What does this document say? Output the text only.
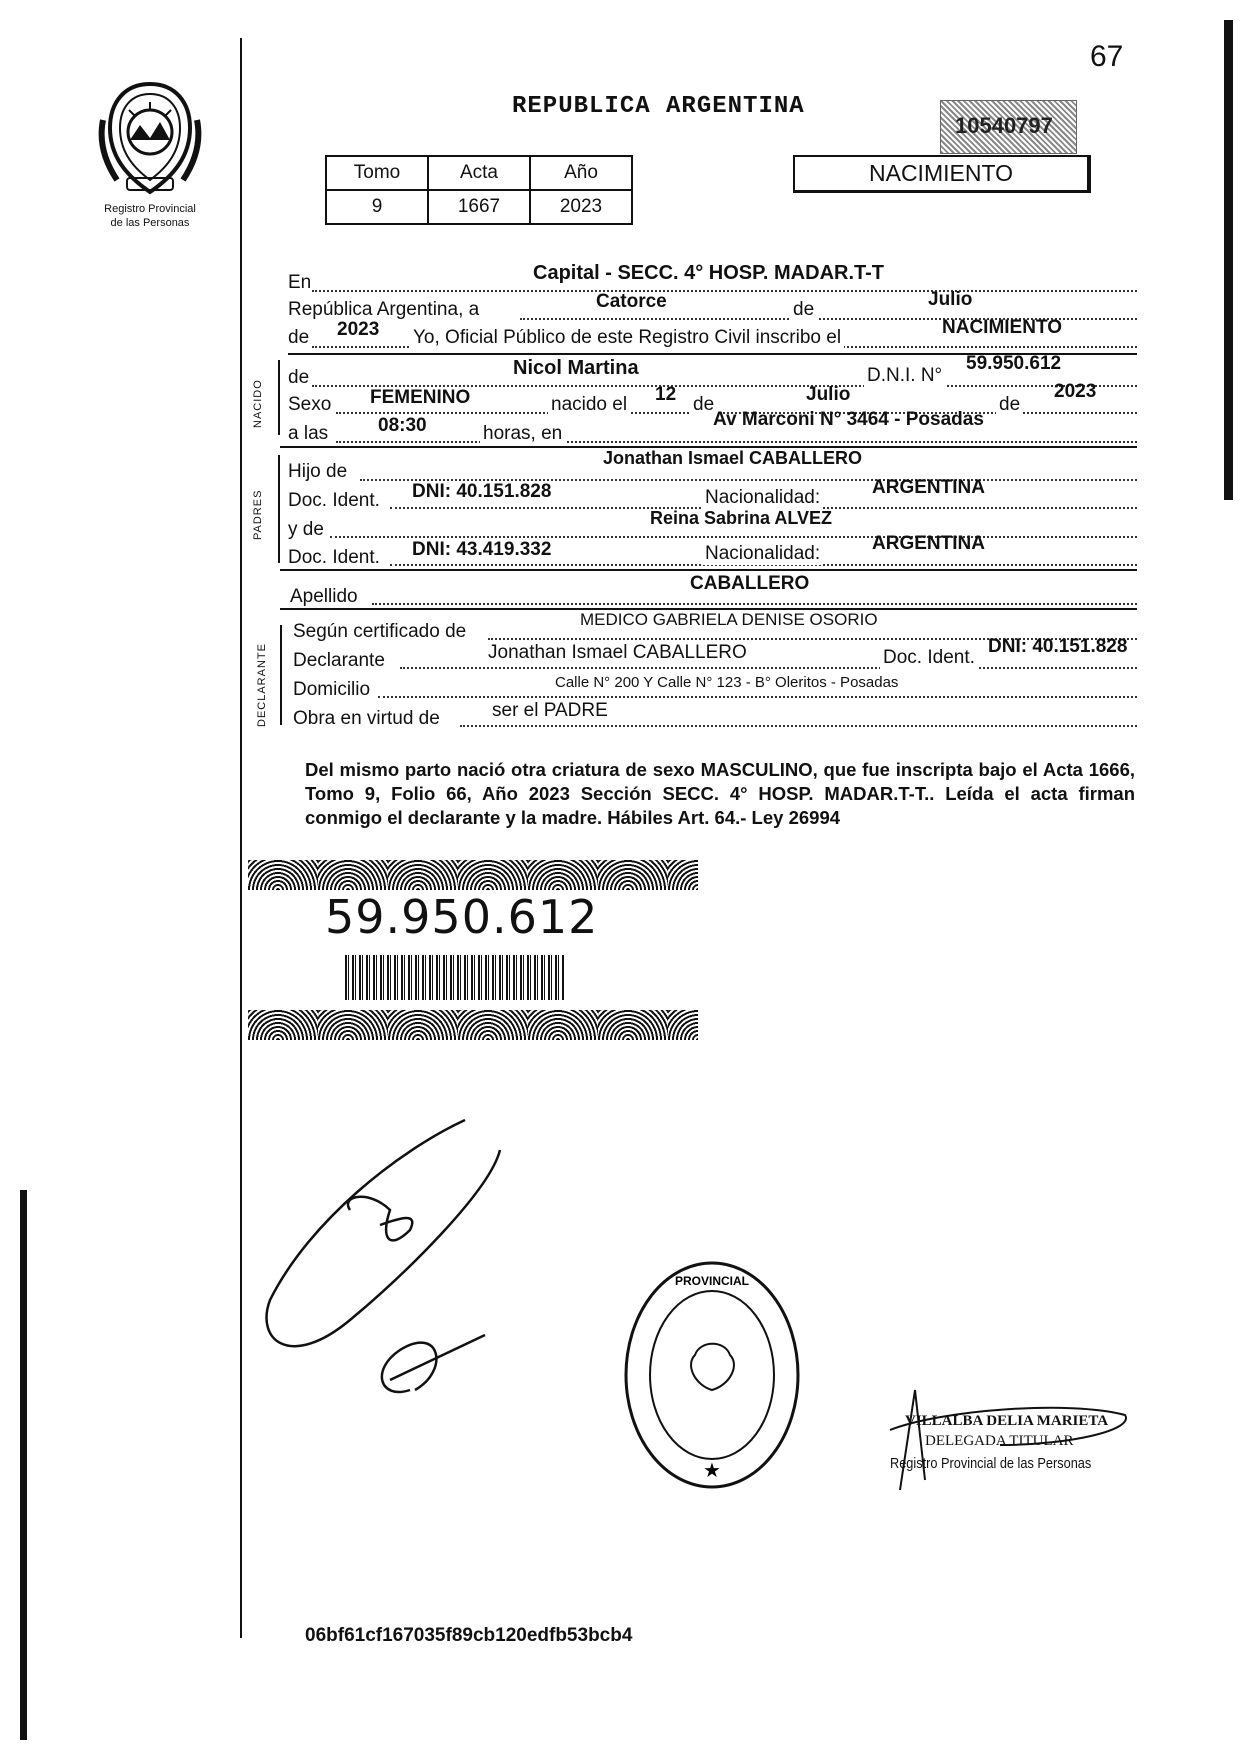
67
Registro Provincial
de las Personas
REPUBLICA ARGENTINA
10540797
Tomo	Acta	Año
9	1667	2023
NACIMIENTO
En	Capital - SECC. 4° HOSP. MADAR.T-T
República Argentina, a	Catorce	de	Julio
de 2023 Yo, Oficial Público de este Registro Civil inscribo el	NACIMIENTO
NACIDO
de	Nicol Martina	D.N.I. N°
59.950.612
Sexo FEMENINO	nacido el 12 de	Julio	de
2023
a las	08:30	horas, en
Av Marconi N° 3464 - Posadas
PADRES
Hijo de
Jonathan Ismael CABALLERO
Doc. Ident. DNI: 40.151.828	Nacionalidad:	ARGENTINA
y de
Reina Sabrina ALVEZ
Doc. Ident. DNI: 43.419.332	Nacionalidad:	ARGENTINA
Apellido
CABALLERO
DECLARANTE
Según certificado de
MEDICO GABRIELA DENISE OSORIO
Declarante	Jonathan Ismael CABALLERO	Doc. Ident.
DNI: 40.151.828
Domicilio	Calle N° 200 Y Calle N° 123 - B° Oleritos - Posadas
Obra en virtud de	ser el PADRE
Del mismo parto nació otra criatura de sexo MASCULINO, que fue inscripta bajo el Acta 1666, Tomo 9, Folio 66, Año 2023 Sección SECC. 4° HOSP. MADAR.T-T.. Leída el acta firman conmigo el declarante y la madre. Hábiles Art. 64.- Ley 26994
59.950.612
PROVINCIAL
★
VILLALBA DELIA MARIETA
DELEGADA TITULAR
Registro Provincial de las Personas
06bf61cf167035f89cb120edfb53bcb4
